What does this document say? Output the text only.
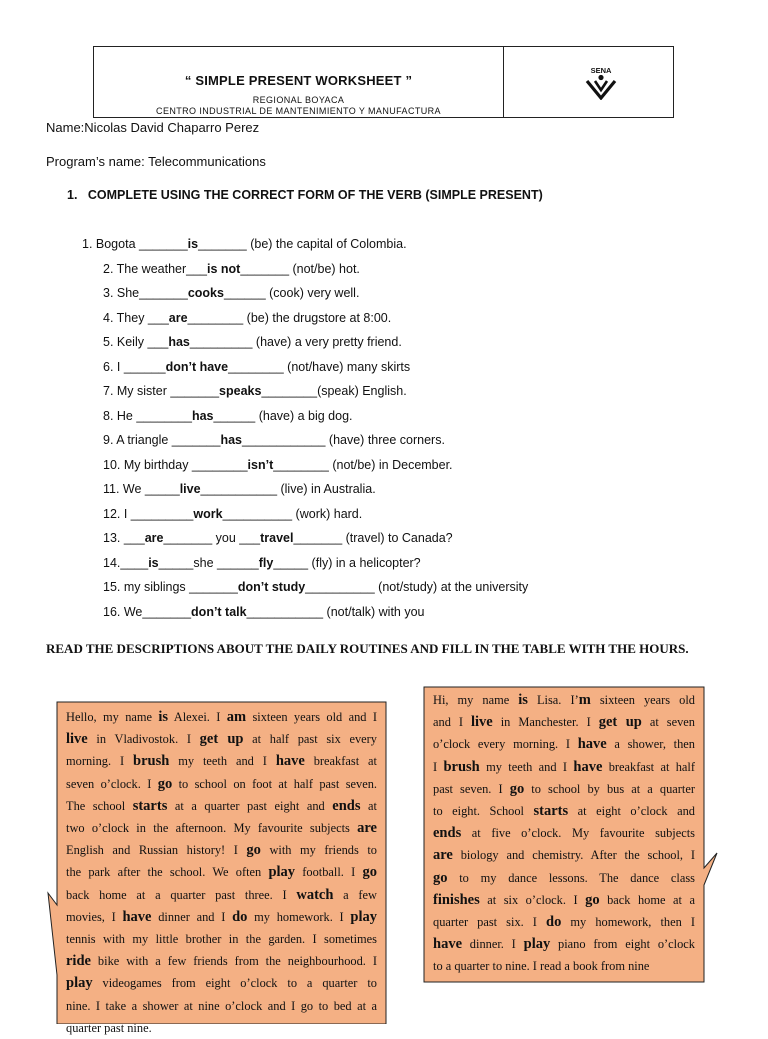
“ SIMPLE PRESENT WORKSHEET ”
REGIONAL BOYACA
CENTRO INDUSTRIAL DE MANTENIMIENTO Y MANUFACTURA
SENA
Name:Nicolas David Chaparro Perez
Program’s name: Telecommunications
1. COMPLETE USING THE CORRECT FORM OF THE VERB (SIMPLE PRESENT)
1. Bogota _______is_______ (be) the capital of Colombia.
2. The weather___is not_______ (not/be) hot.
3. She_______cooks______ (cook) very well.
4. They ___are________ (be) the drugstore at 8:00.
5. Keily ___has_________ (have) a very pretty friend.
6. I ______don’t have________ (not/have) many skirts
7. My sister _______speaks________(speak) English.
8. He ________has______ (have) a big dog.
9. A triangle _______has____________ (have) three corners.
10. My birthday ________isn’t________ (not/be) in December.
11. We _____live___________ (live) in Australia.
12. I _________work__________ (work) hard.
13. ___are_______ you ___travel_______ (travel) to Canada?
14.____is_____she ______fly_____ (fly) in a helicopter?
15. my siblings _______don’t study__________ (not/study) at the university
16. We_______don’t talk___________ (not/talk) with you
READ THE DESCRIPTIONS ABOUT THE DAILY ROUTINES AND FILL IN THE TABLE WITH THE HOURS.
Hello, my name is Alexei. I am sixteen years old and I
live in Vladivostok. I get up at half past six every
morning. I brush my teeth and I have breakfast at
seven o’clock. I go to school on foot at half past seven.
The school starts at a quarter past eight and ends at
two o’clock in the afternoon. My favourite subjects are
English and Russian history! I go with my friends to
the park after the school. We often play football. I go
back home at a quarter past three. I watch a few
movies, I have dinner and I do my homework. I play
tennis with my little brother in the garden. I sometimes
ride bike with a few friends from the neighbourhood. I
play videogames from eight o’clock to a quarter to
nine. I take a shower at nine o’clock and I go to bed at a
quarter past nine.
Hi, my name is Lisa. I’m sixteen years old
and I live in Manchester. I get up at seven
o’clock every morning. I have a shower, then
I brush my teeth and I have breakfast at half
past seven. I go to school by bus at a quarter
to eight. School starts at eight o’clock and
ends at five o’clock. My favourite subjects
are biology and chemistry. After the school, I
go to my dance lessons. The dance class
finishes at six o’clock. I go back home at a
quarter past six. I do my homework, then I
have dinner. I play piano from eight o’clock
to a quarter to nine. I read a book from nine
